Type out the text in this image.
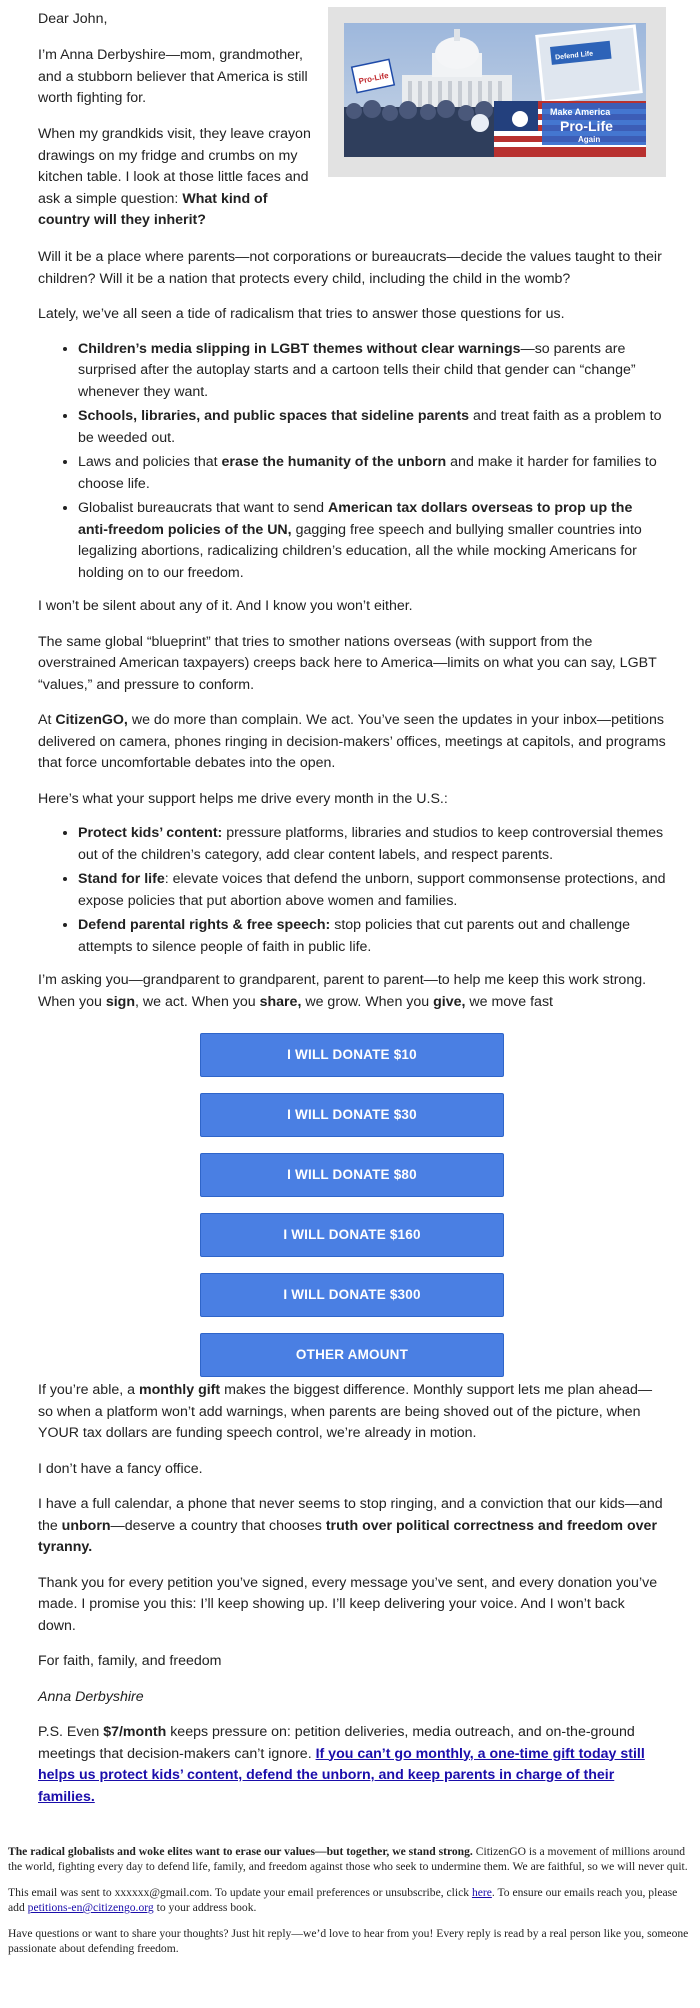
Pro-Life
Defend Life
Make America
Pro-Life
Again

Dear John,

I’m Anna Derbyshire—mom, grandmother, and a stubborn believer that America is still worth fighting for.

When my grandkids visit, they leave crayon drawings on my fridge and crumbs on my kitchen table. I look at those little faces and ask a simple question: What kind of country will they inherit?

Will it be a place where parents—not corporations or bureaucrats—decide the values taught to their children? Will it be a nation that protects every child, including the child in the womb?

Lately, we’ve all seen a tide of radicalism that tries to answer those questions for us.

• Children’s media slipping in LGBT themes without clear warnings—so parents are surprised after the autoplay starts and a cartoon tells their child that gender can “change” whenever they want.
• Schools, libraries, and public spaces that sideline parents and treat faith as a problem to be weeded out.
• Laws and policies that erase the humanity of the unborn and make it harder for families to choose life.
• Globalist bureaucrats that want to send American tax dollars overseas to prop up the anti-freedom policies of the UN, gagging free speech and bullying smaller countries into legalizing abortions, radicalizing children’s education, all the while mocking Americans for holding on to our freedom.

I won’t be silent about any of it. And I know you won’t either.

The same global “blueprint” that tries to smother nations overseas (with support from the overstrained American taxpayers) creeps back here to America—limits on what you can say, LGBT “values,” and pressure to conform.

At CitizenGO, we do more than complain. We act. You’ve seen the updates in your inbox—petitions delivered on camera, phones ringing in decision-makers’ offices, meetings at capitols, and programs that force uncomfortable debates into the open.

Here’s what your support helps me drive every month in the U.S.:

• Protect kids’ content: pressure platforms, libraries and studios to keep controversial themes out of the children’s category, add clear content labels, and respect parents.
• Stand for life: elevate voices that defend the unborn, support commonsense protections, and expose policies that put abortion above women and families.
• Defend parental rights & free speech: stop policies that cut parents out and challenge attempts to silence people of faith in public life.

I’m asking you—grandparent to grandparent, parent to parent—to help me keep this work strong. When you sign, we act. When you share, we grow. When you give, we move fast

I WILL DONATE $10
I WILL DONATE $30
I WILL DONATE $80
I WILL DONATE $160
I WILL DONATE $300
OTHER AMOUNT

If you’re able, a monthly gift makes the biggest difference. Monthly support lets me plan ahead—so when a platform won’t add warnings, when parents are being shoved out of the picture, when YOUR tax dollars are funding speech control, we’re already in motion.

I don’t have a fancy office.

I have a full calendar, a phone that never seems to stop ringing, and a conviction that our kids—and the unborn—deserve a country that chooses truth over political correctness and freedom over tyranny.

Thank you for every petition you’ve signed, every message you’ve sent, and every donation you’ve made. I promise you this: I’ll keep showing up. I’ll keep delivering your voice. And I won’t back down.

For faith, family, and freedom

Anna Derbyshire

P.S. Even $7/month keeps pressure on: petition deliveries, media outreach, and on-the-ground meetings that decision-makers can’t ignore. If you can’t go monthly, a one-time gift today still helps us protect kids’ content, defend the unborn, and keep parents in charge of their families.

The radical globalists and woke elites want to erase our values—but together, we stand strong. CitizenGO is a movement of millions around the world, fighting every day to defend life, family, and freedom against those who seek to undermine them. We are faithful, so we will never quit.

This email was sent to xxxxxx@gmail.com. To update your email preferences or unsubscribe, click here. To ensure our emails reach you, please add petitions-en@citizengo.org to your address book.

Have questions or want to share your thoughts? Just hit reply—we’d love to hear from you! Every reply is read by a real person like you, someone passionate about defending freedom.
